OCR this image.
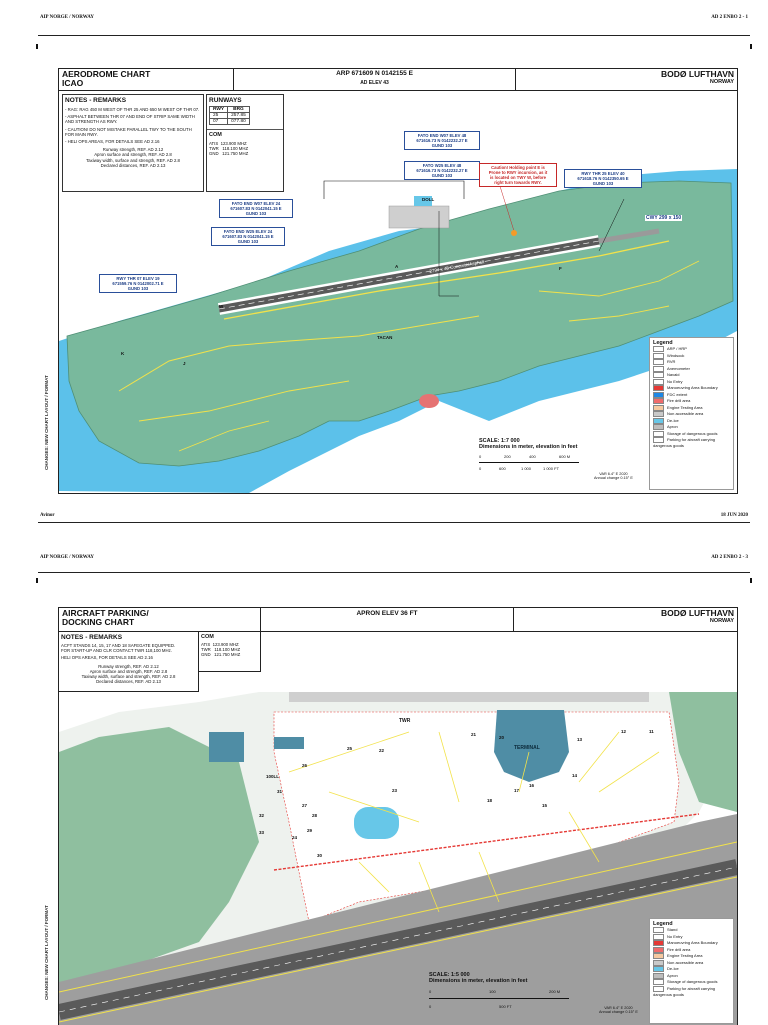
AIP NORGE / NORWAY	AD 2 ENBO 2 - 1
CHANGES: NEW CHART LAYOUT / FORMAT
AERODROME CHART
ICAO
ARP 671609 N 0142155 E
AD ELEV 43
BODØ LUFTHAVN
NORWAY
NOTES - REMARKS
- RAG: RAG 450 M WEST OF THR 25 AND 650 M WEST OF THR 07.
- ASPHALT BETWEEN THR 07 AND END OF STRIP SAME WIDTH AND STRENGTH AS RWY.
- CAUTION! DO NOT MISTAKE PARALLEL TWY TO THE SOUTH FOR MAIN RWY.
- HELI OPS AREAS, FOR DETAILS SEE AD 2.16
Runway strength, REF. AD 2.12
Apron surface and strength, REF. AD 2.8
Taxiway width, surface and strength, REF. AD 2.8
Declared distances, REF. AD 2.13
RUNWAYS
RWY	BRG
25	257.85
07	077.80
COM
ATIS 123.900 MHZ
TWR 118.100 MHZ
GND 121.750 MHZ
FATO END W07 ELEV 48
671616.73 N 0142232.27 E
GUND 103
FATO W25 ELEV 48
671616.73 N 0142232.27 E
GUND 103
Caution! Holding point E is
Prone to RWY incursion, as it
is located on TWY W, before
right turn towards RWY.
RWY THR 25 ELEV 40
671618.76 N 0142350.65 E
GUND 103
FATO END W07 ELEV 24
671607.83 N 0142041.15 E
GUND 103
FATO END W25 ELEV 24
671607.83 N 0142041.15 E
GUND 103
RWY THR 07 ELEV 19
671559.76 N 0142002.71 E
GUND 103
2794 x 45 Concrete/Asphalt
CWY 299 x 150
K
J
W
A	F
DOLL
TACAN
SCALE: 1:7 000
Dimensions in meter, elevation in feet
0	200	400	600 M
0	600	1 000	1 000 FT
VAR 6.4° E 2020
Annual change 0.15° E
Legend
ARP / HRP
Windsock
RVR
Anemometer
Navaid
No Entry
Manoeuvring Area Boundary
FDC extent
Fire drill area
Engine Testing Area
Non accessible area
De-Ice
Apron
Storage of dangerous goods
Parking for aircraft carrying dangerous goods
Avinor	18 JUN 2020
AIP NORGE / NORWAY	AD 2 ENBO 2 - 3
CHANGES: NEW CHART LAYOUT / FORMAT
AIRCRAFT PARKING/
DOCKING CHART
APRON ELEV 36 FT	BODØ LUFTHAVN
NORWAY
NOTES - REMARKS
ACFT STANDS 14, 15, 17 AND 18 SAFEGATE EQUIPPED.
FOR START-UP AND CLR CONTACT TWR 118,100 MHz.
HELI OPS AREAS, FOR DETAILS SEE AD 2.16
Runway strength, REF. AD 2.12
Apron surface and strength, REF. AD 2.8
Taxiway width, surface and strength, REF. AD 2.8
Declared distances, REF. AD 2.13
COM
ATIS 123.900 MHZ
TWR 118.100 MHZ
GND 121.750 MHZ
TWR
TERMINAL
100LL
11
12
13
14
15
16
17
18
20
21
22
23
24
25
26
27
28
29
30
31
32
33
SCALE: 1:5 000
Dimensions in meter, elevation in feet
0	100	200 M
0	500 FT	VAR 6.4° E 2020
Annual change 0.15° E
Legend
Stand
No Entry
Manoeuvring Area Boundary
Fire drill area
Engine Testing Area
Non accessible area
De-Ice
Apron
Storage of dangerous goods
Parking for aircraft carrying dangerous goods
